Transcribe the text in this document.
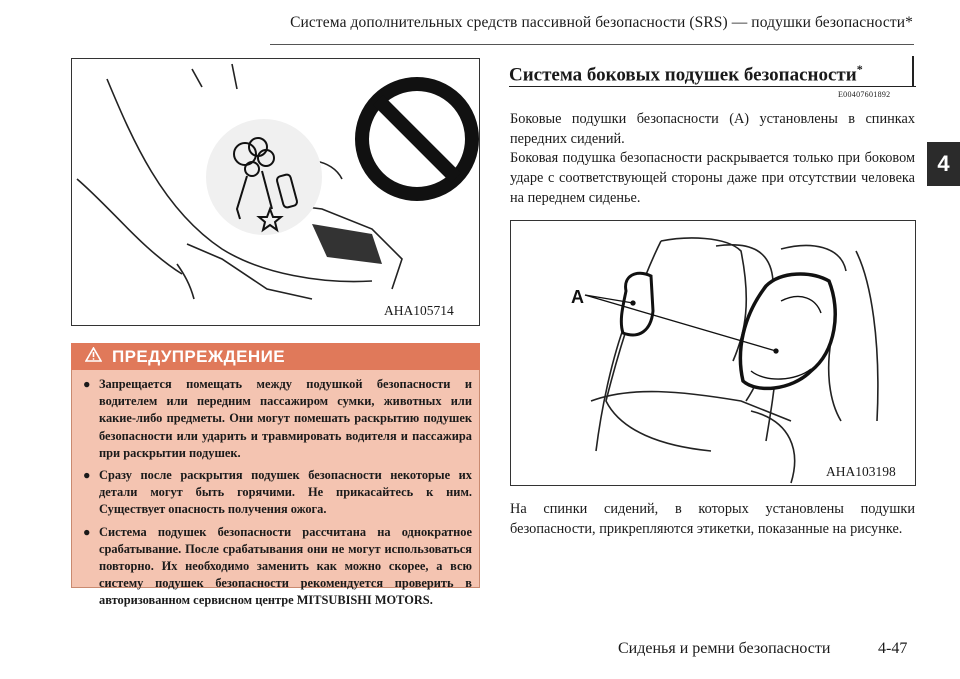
Система дополнительных средств пассивной безопасности (SRS) — подушки безопасности*
4
AHA105714
ПРЕДУПРЕЖДЕНИЕ
● Запрещается помещать между подушкой безопасности и водителем или передним пассажиром сумки, животных или какие-либо предметы. Они могут помешать раскрытию подушек безопасности или ударить и травмировать водителя и пассажира при раскрытии подушек.
● Сразу после раскрытия подушек безопасности некоторые их детали могут быть горячими. Не прикасайтесь к ним. Существует опасность получения ожога.
● Система подушек безопасности рассчитана на однократное срабатывание. После срабатывания они не могут использоваться повторно. Их необходимо заменить как можно скорее, а всю систему подушек безопасности рекомендуется проверить в авторизованном сервисном центре MITSUBISHI MOTORS.
Система боковых подушек безопасности*
E00407601892
Боковые подушки безопасности (A) установлены в спинках передних сидений.
Боковая подушка безопасности раскрывается только при боковом ударе с соответствующей стороны даже при отсутствии человека на переднем сиденье.
A
AHA103198
На спинки сидений, в которых установлены подушки безопасности, прикрепляются этикетки, показанные на рисунке.
Сиденья и ремни безопасности	4-47
